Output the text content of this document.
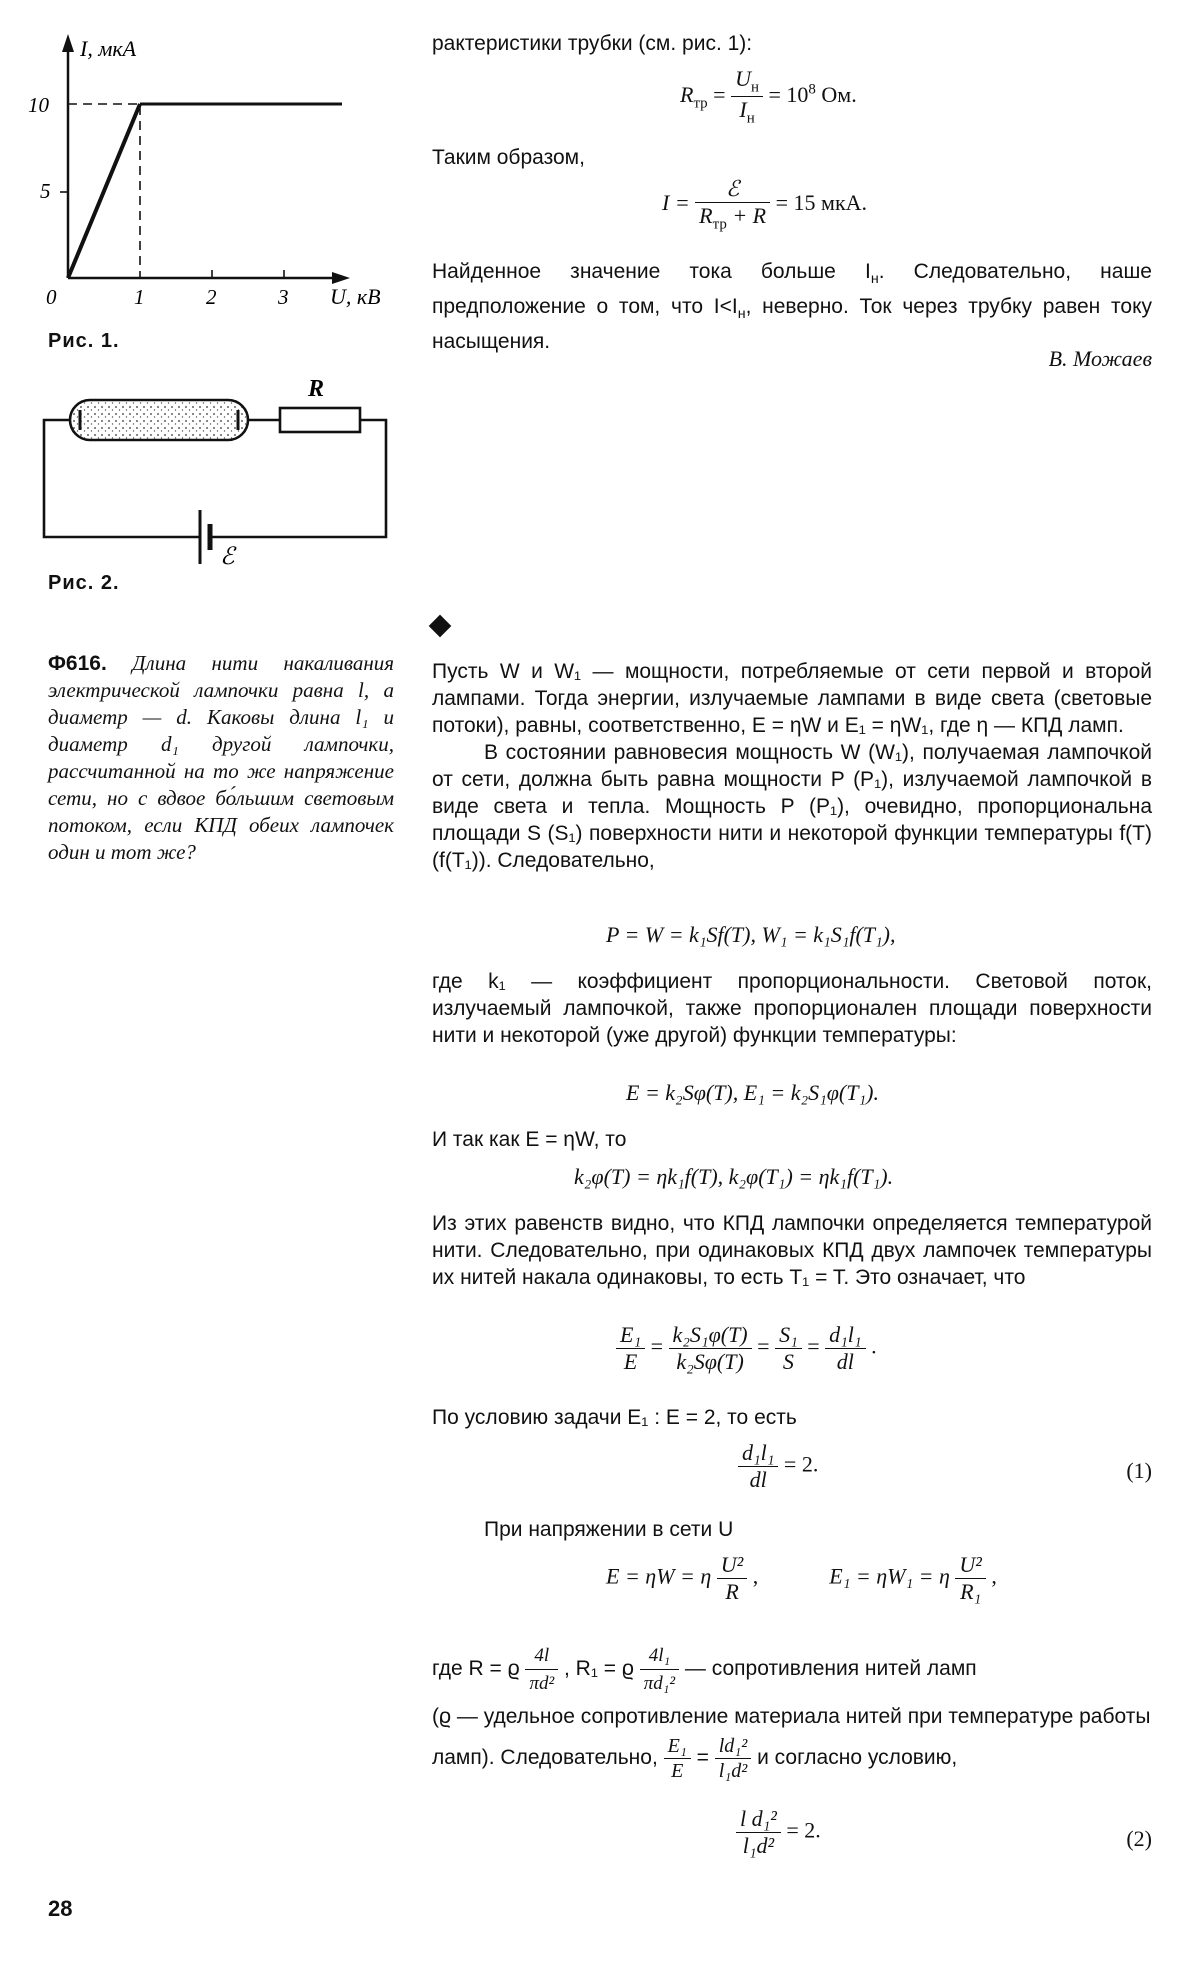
I, мкА
10
5
0	1	2	3 U, кВ
Рис. 1.
R
ℰ
Рис. 2.

рактеристики трубки (см. рис. 1):

$R_{тр} = \frac{U_н}{I_н} = 10^8$ Ом.

Таким образом,

$I = \frac{\text{ℰ}}{R_{тр} + R} = 15$ мкА.

Найденное значение тока больше $I_н$. Следовательно, наше предположение о том, что $I<I_н$, неверно. Ток через трубку равен току насыщения.

В. Можаев
Ф616. Длина нити накаливания электрической лампочки равна l, а диаметр — d. Каковы длина l₁ и диаметр d₁ другой лампочки, рассчитанной на то же напряжение сети, но с вдвое бо́льшим световым потоком, если КПД обеих лампочек один и тот же?

Пусть W и W₁ — мощности, потребляемые от сети первой и второй лампами. Тогда энергии, излучаемые лампами в виде света (световые потоки), равны, соответственно, E = ηW и E₁ = ηW₁, где η — КПД ламп.

В состоянии равновесия мощность W (W₁), получаемая лампочкой от сети, должна быть равна мощности P (P₁), излучаемой лампочкой в виде света и тепла. Мощность P (P₁), очевидно, пропорциональна площади S (S₁) поверхности нити и некоторой функции температуры f(T) (f(T₁)). Следовательно,

P = W = k₁Sf(T), W₁ = k₁S₁f(T₁),

где k₁ — коэффициент пропорциональности. Световой поток, излучаемый лампочкой, также пропорционален площади поверхности нити и некоторой (уже другой) функции температуры:

E = k₂Sφ(T), E₁ = k₂S₁φ(T₁).

И так как E = ηW, то

k₂φ(T) = ηk₁f(T), k₂φ(T₁) = ηk₁f(T₁).

Из этих равенств видно, что КПД лампочки определяется температурой нити. Следовательно, при одинаковых КПД двух лампочек температуры их нитей накала одинаковы, то есть T₁ = T. Это означает, что

$\frac{\text{E₁}}{E} = \frac{\text{k₂S₁φ(T)}}{\text{k₂Sφ(T)}} = \frac{\text{S₁}}{S} = \frac{\text{d₁l₁}}{dl}$ .

По условию задачи E₁ : E = 2, то есть

$\frac{\text{d₁l₁}}{dl} = 2$.	(1)

При напряжении в сети U

E = ηW = η $\frac{\text{U²}}{R}$ ,	E₁ = ηW₁ = η $\frac{\text{U²}}{\text{R₁}}$ ,
где R = ϱ $\frac{4l}{\text{πd²}}$ , R₁ = ϱ $\frac{\text{4l₁}}{\text{πd₁²}}$ — сопротивления нитей ламп
(ϱ — удельное сопротивление материала нитей при температуре работы ламп). Следовательно, $\frac{\text{E₁}}{E} = \frac{\text{ld₁²}}{\text{l₁d²}}$ и согласно условию,
$\frac{\text{l d₁²}}{\text{l₁d²}} = 2$.	(2)
28
